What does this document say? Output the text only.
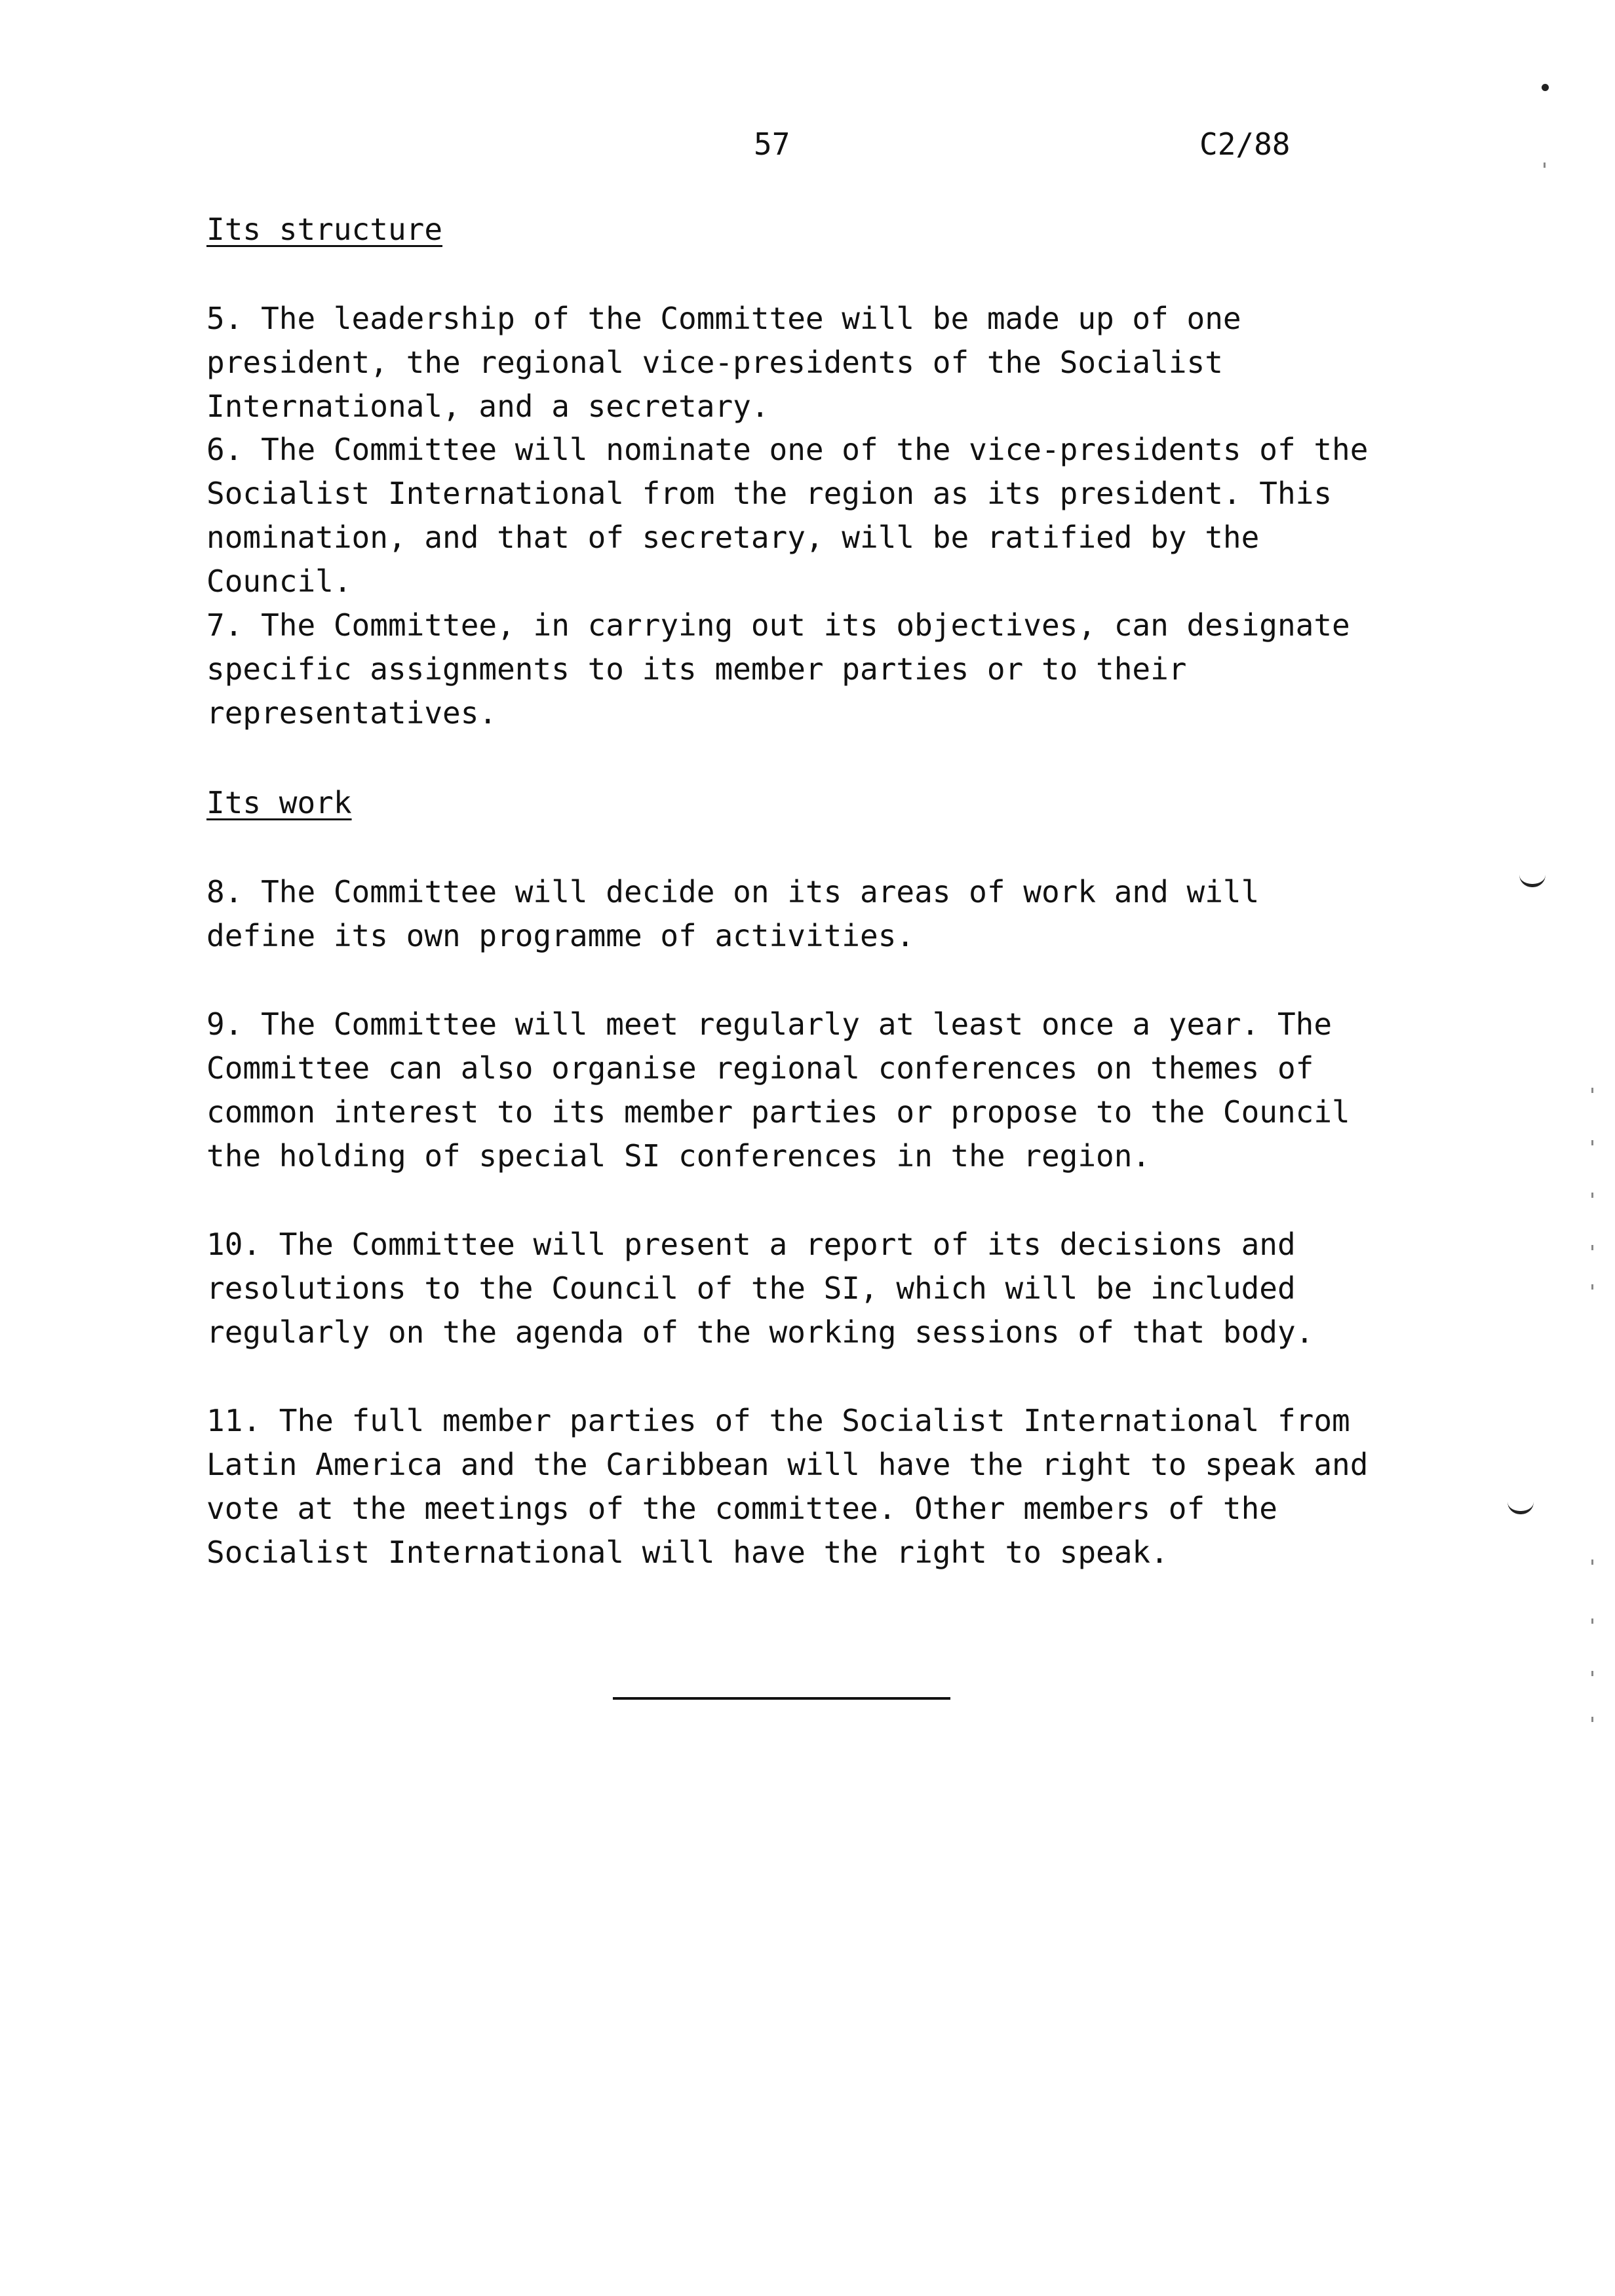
57	C2/88
Its structure

5. The leadership of the Committee will be made up of one president, the regional vice-presidents of the Socialist International, and a secretary.

6. The Committee will nominate one of the vice-presidents of the Socialist International from the region as its president. This nomination, and that of secretary, will be ratified by the Council.

7. The Committee, in carrying out its objectives, can designate specific assignments to its member parties or to their representatives.

Its work

8. The Committee will decide on its areas of work and will define its own programme of activities.

9. The Committee will meet regularly at least once a year. The Committee can also organise regional conferences on themes of common interest to its member parties or propose to the Council the holding of special SI conferences in the region.

10. The Committee will present a report of its decisions and resolutions to the Council of the SI, which will be included regularly on the agenda of the working sessions of that body.

11. The full member parties of the Socialist International from Latin America and the Caribbean will have the right to speak and vote at the meetings of the committee. Other members of the Socialist International will have the right to speak.
